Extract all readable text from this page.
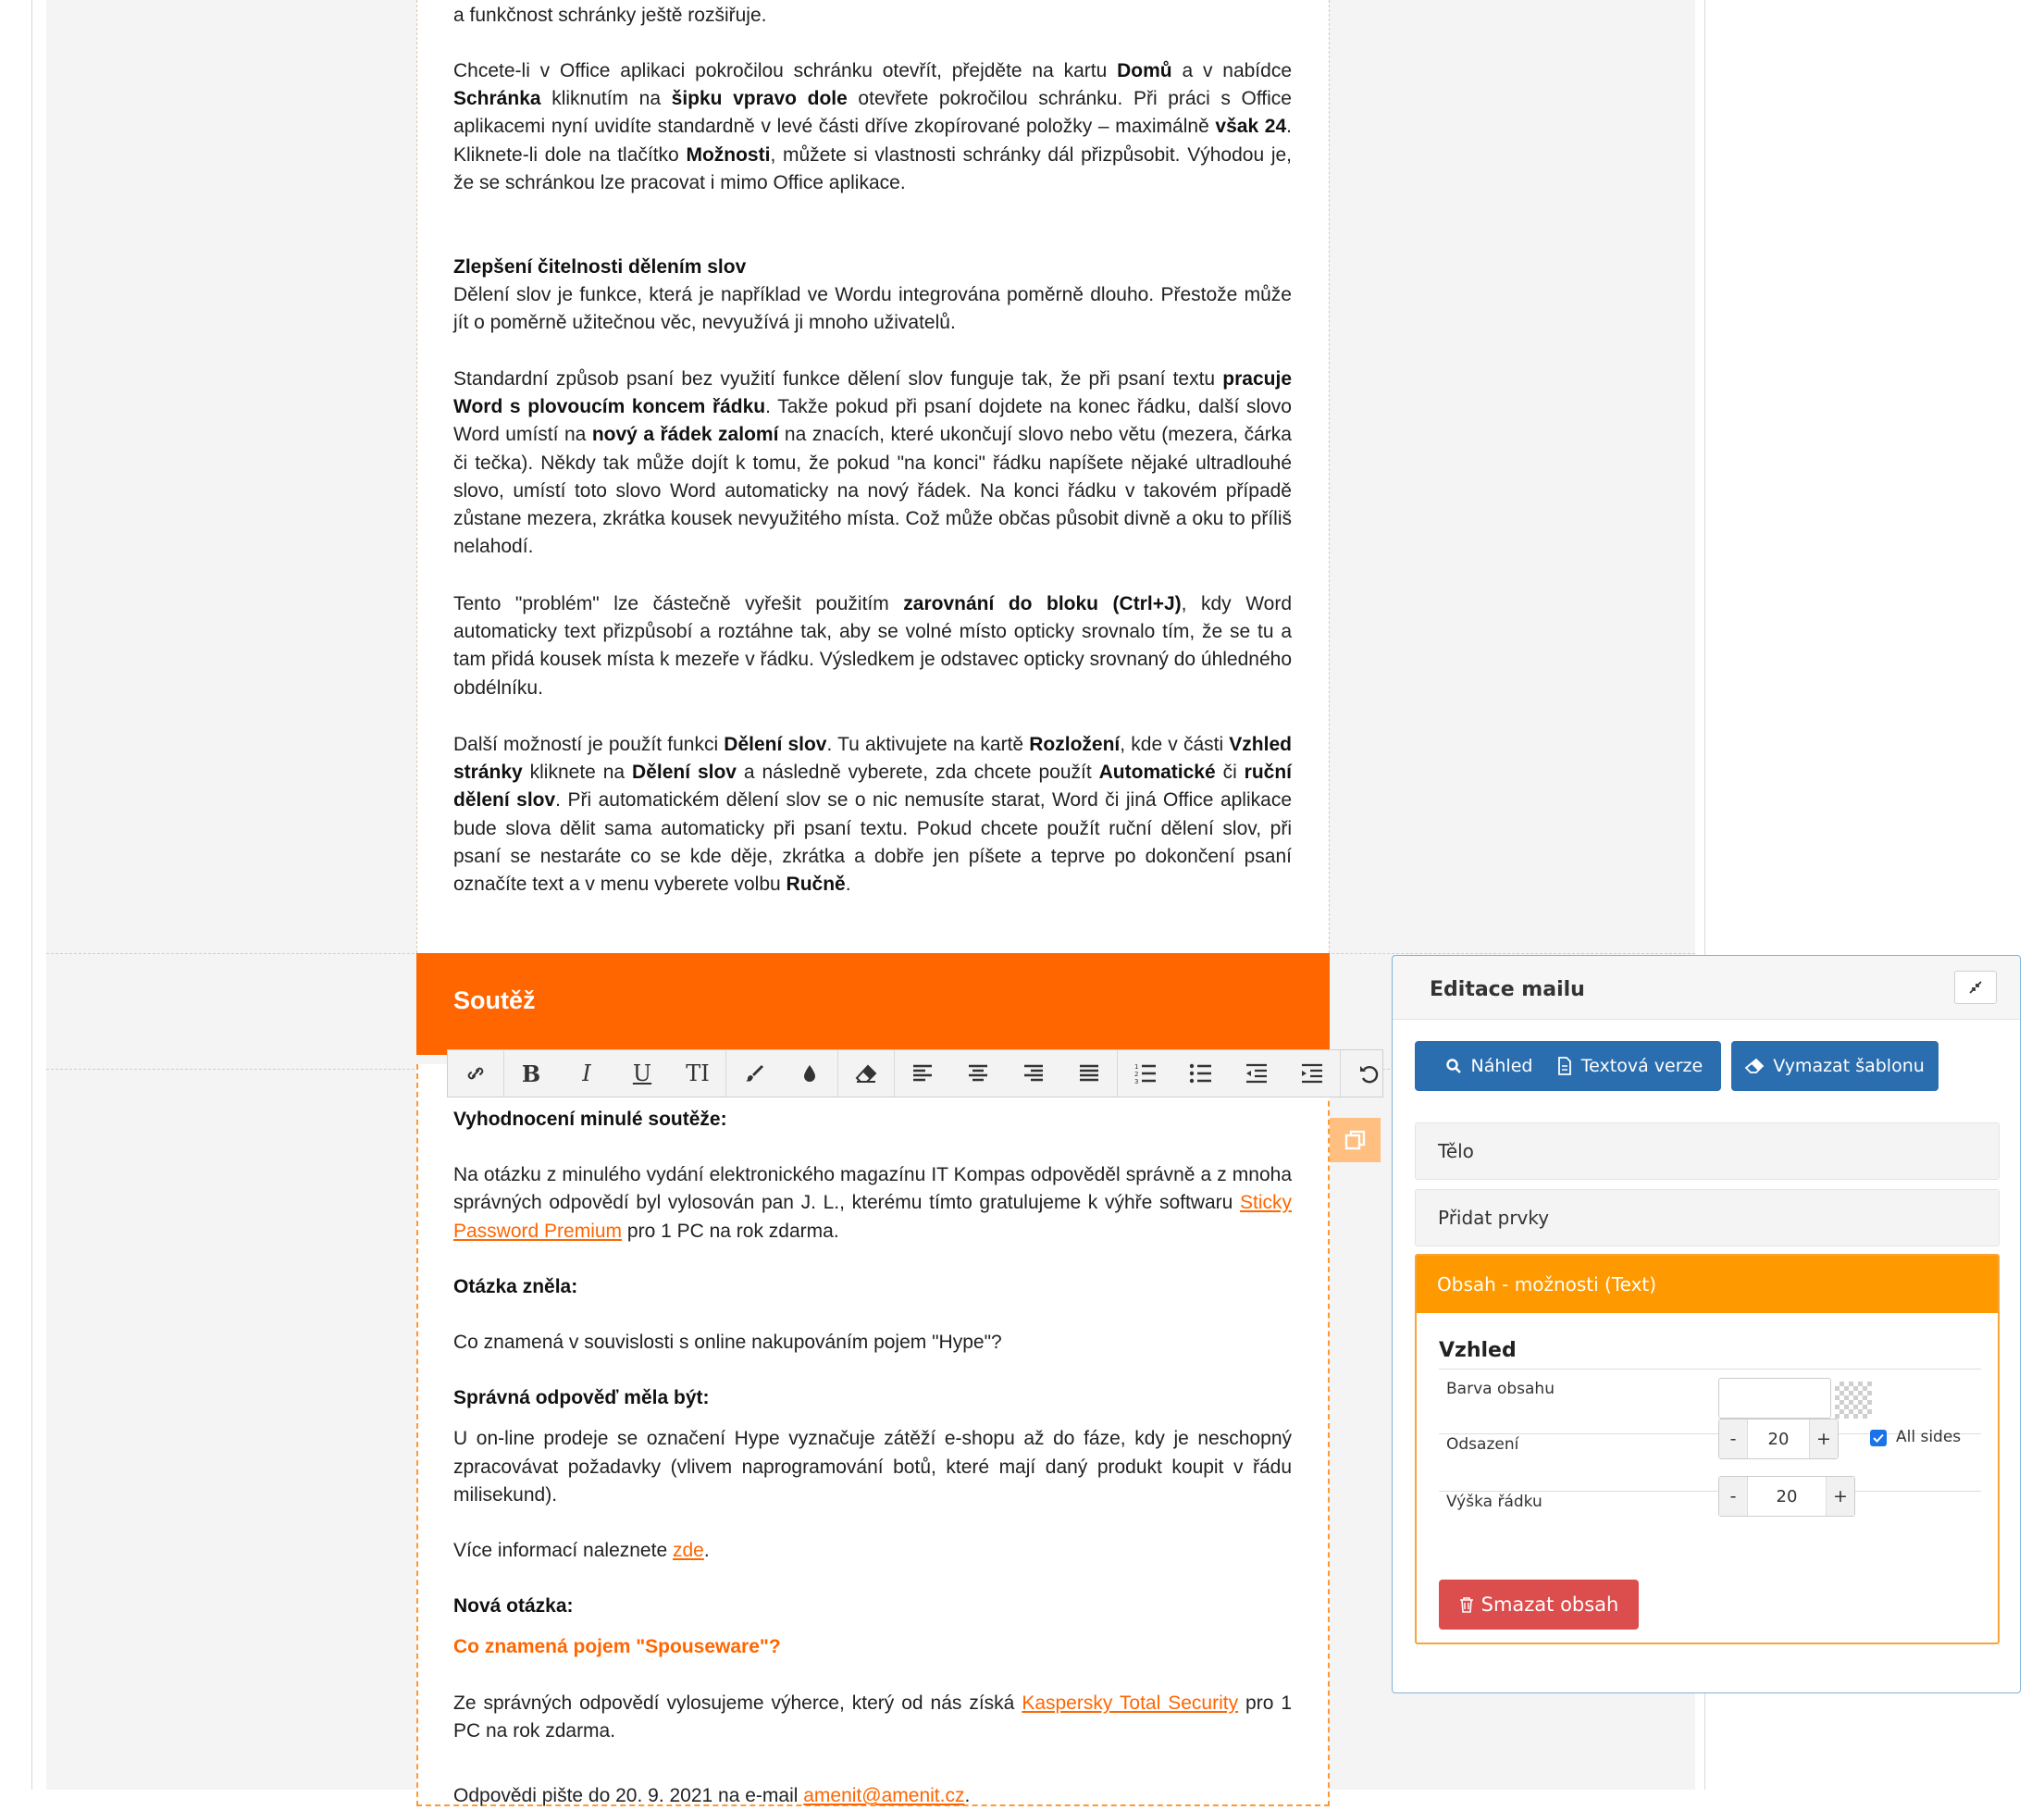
a funkčnost schránky ještě rozšiřuje.

Chcete-li v Office aplikaci pokročilou schránku otevřít, přejděte na kartu Domů a v nabídce Schránka kliknutím na šipku vpravo dole otevřete pokročilou schránku. Při práci s Office aplikacemi nyní uvidíte standardně v levé části dříve zkopírované položky – maximálně však 24. Kliknete-li dole na tlačítko Možnosti, můžete si vlastnosti schránky dál přizpůsobit. Výhodou je, že se schránkou lze pracovat i mimo Office aplikace.

Zlepšení čitelnosti dělením slov

Dělení slov je funkce, která je například ve Wordu integrována poměrně dlouho. Přestože může jít o poměrně užitečnou věc, nevyužívá ji mnoho uživatelů.

Standardní způsob psaní bez využití funkce dělení slov funguje tak, že při psaní textu pracuje Word s plovoucím koncem řádku. Takže pokud při psaní dojdete na konec řádku, další slovo Word umístí na nový a řádek zalomí na znacích, které ukončují slovo nebo větu (mezera, čárka či tečka). Někdy tak může dojít k tomu, že pokud "na konci" řádku napíšete nějaké ultradlouhé slovo, umístí toto slovo Word automaticky na nový řádek. Na konci řádku v takovém případě zůstane mezera, zkrátka kousek nevyužitého místa. Což může občas působit divně a oku to příliš nelahodí.

Tento "problém" lze částečně vyřešit použitím zarovnání do bloku (Ctrl+J), kdy Word automaticky text přizpůsobí a roztáhne tak, aby se volné místo opticky srovnalo tím, že se tu a tam přidá kousek místa k mezeře v řádku. Výsledkem je odstavec opticky srovnaný do úhledného obdélníku.

Další možností je použít funkci Dělení slov. Tu aktivujete na kartě Rozložení, kde v části Vzhled stránky kliknete na Dělení slov a následně vyberete, zda chcete použít Automatické či ruční dělení slov. Při automatickém dělení slov se o nic nemusíte starat, Word či jiná Office aplikace bude slova dělit sama automaticky při psaní textu. Pokud chcete použít ruční dělení slov, při psaní se nestaráte co se kde děje, zkrátka a dobře jen píšete a teprve po dokončení psaní označíte text a v menu vyberete volbu Ručně.

Soutěž

Vyhodnocení minulé soutěže:

Na otázku z minulého vydání elektronického magazínu IT Kompas odpověděl správně a z mnoha správných odpovědí byl vylosován pan J. L., kterému tímto gratulujeme k výhře softwaru Sticky Password Premium pro 1 PC na rok zdarma.

Otázka zněla:

Co znamená v souvislosti s online nakupováním pojem "Hype"?

Správná odpověď měla být:

U on-line prodeje se označení Hype vyznačuje zátěží e-shopu až do fáze, kdy je neschopný zpracovávat požadavky (vlivem naprogramování botů, které mají daný produkt koupit v řádu milisekund).

Více informací naleznete zde.

Nová otázka:

Co znamená pojem "Spouseware"?

Ze správných odpovědí vylosujeme výherce, který od nás získá Kaspersky Total Security pro 1 PC na rok zdarma.

Odpovědi pište do 20. 9. 2021 na e-mail amenit@amenit.cz.

B	I	U	TI	1
2
3
Editace mailu
Náhled	Textová verze	Vymazat šablonu
Tělo
Přidat prvky
Obsah - možnosti (Text)
Vzhled
Barva obsahu
Odsazení	-	20	+	All sides
Výška řádku	-	20	+
Smazat obsah
